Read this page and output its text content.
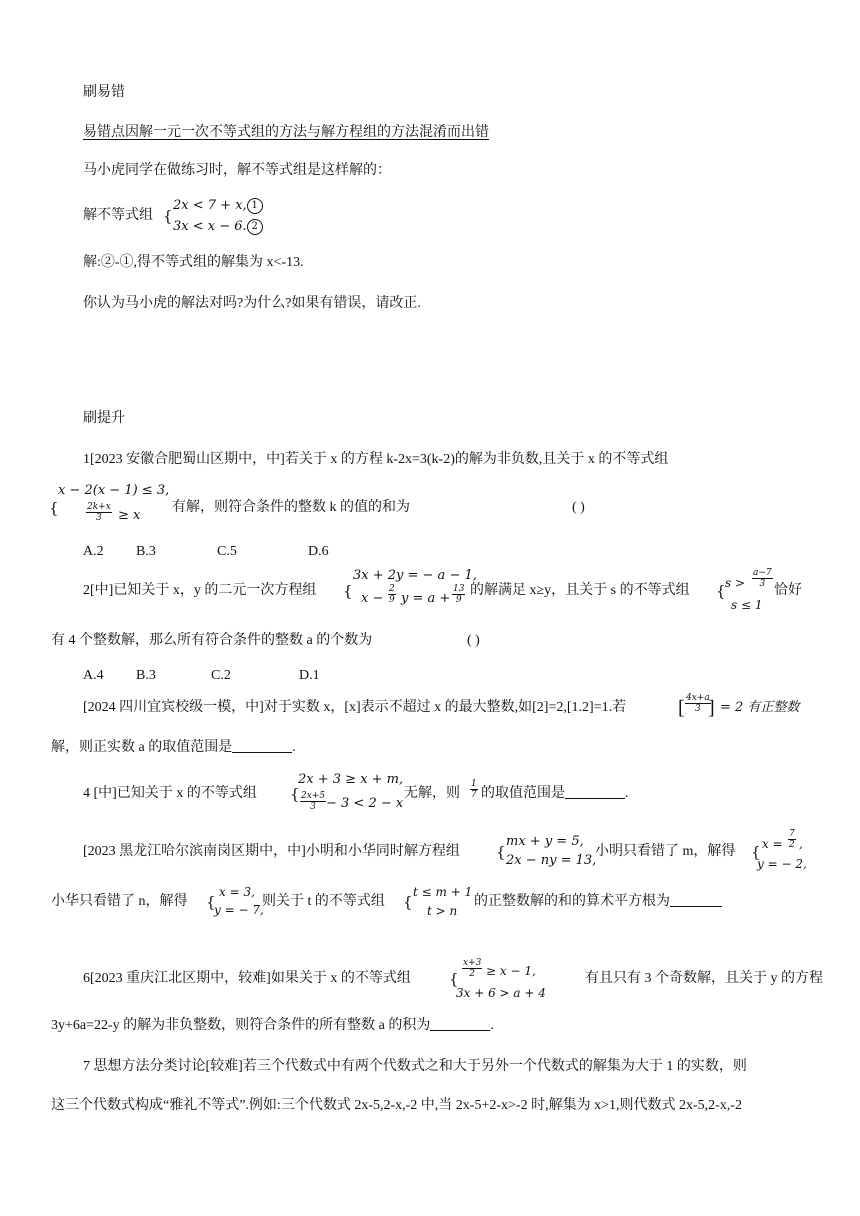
刷易错
易错点因解一元一次不等式组的方法与解方程组的方法混淆而出错
马小虎同学在做练习时，解不等式组是这样解的：
解不等式组 {
2x < 7 + x, 1
3x < x − 6. 2
解:②-①,得不等式组的解集为 x<-13.
你认为马小虎的解法对吗?为什么?如果有错误，请改正.
刷提升
1[2023 安徽合肥蜀山区期中，中]若关于 x 的方程 k-2x=3(k-2)的解为非负数,且关于 x 的不等式组
{
x − 2(x − 1) ≤ 3,
$\frac{2k+x}{3} \ge x$
有解，则符合条件的整数 k 的值的和为	( )
A.2 B.3	C.5	D.6
2[中]已知关于 x，y 的二元一次方程组 {
3x + 2y = − a − 1,
$x - \frac{2}{9}$ $y = a + \frac{13}{9}$ 的解满足 x≥y，且关于 s 的不等式组 { $s > \frac{a-7}{3}$
s ≤ 1
恰好
有 4 个整数解，那么所有符合条件的整数 a 的个数为	( )
A.4 B.3	C.2	D.1
[2024 四川宜宾校级一模，中]对于实数 x，[x]表示不超过 x 的最大整数,如[2]=2,[1.2]=1.若	[ $\frac{4x+a}{3}$
] = 2 有正整数
解，则正实数 a 的取值范围是	.
4 [中]已知关于 x 的不等式组 {
2x + 3 ≥ x + m,
$\frac{2x+5}{3} - 3 < 2 - x$
无解，则 $\frac{1}{7}$ 的取值范围是	.
[2023 黑龙江哈尔滨南岗区期中，中]小明和小华同时解方程组 {
mx + y = 5,
2x − ny = 13,
小明只看错了 m，解得 { $x = \frac{7}{2}$ ,
y = − 2,
小华只看错了 n，解得 {
x = 3,
y = − 7,
则关于 t 的不等式组 {
t ≤ m + 1
t > n
的正整数解的和的算术平方根为
6[2023 重庆江北区期中，较难]如果关于 x 的不等式组	{ $\frac{x+3}{2} \ge x - 1$,
3x + 6 > a + 4
有且只有 3 个奇数解，且关于 y 的方程
3y+6a=22-y 的解为非负整数，则符合条件的所有整数 a 的积为	.
7 思想方法分类讨论[较难]若三个代数式中有两个代数式之和大于另外一个代数式的解集为大于 1 的实数，则
这三个代数式构成“雅礼不等式”.例如:三个代数式 2x-5,2-x,-2 中,当 2x-5+2-x>-2 时,解集为 x>1,则代数式 2x-5,2-x,-2
